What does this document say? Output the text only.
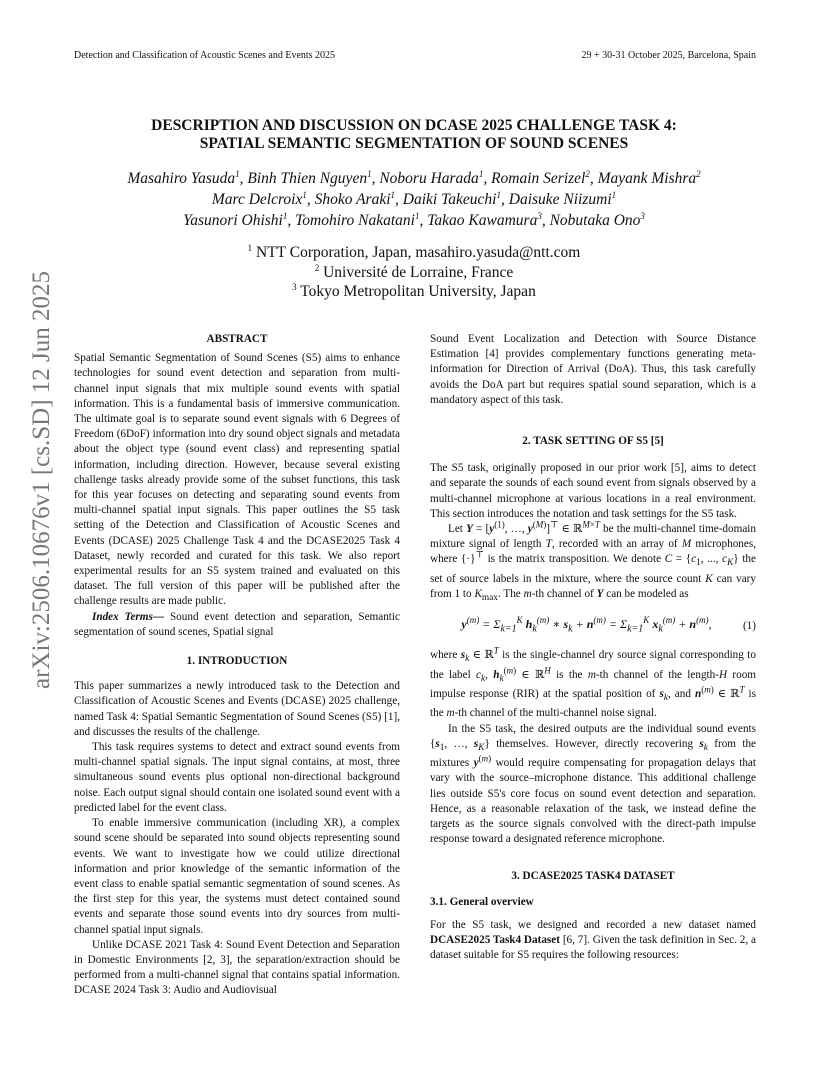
Detection and Classification of Acoustic Scenes and Events 2025	29 + 30-31 October 2025, Barcelona, Spain
DESCRIPTION AND DISCUSSION ON DCASE 2025 CHALLENGE TASK 4:
SPATIAL SEMANTIC SEGMENTATION OF SOUND SCENES
Masahiro Yasuda$^1$, Binh Thien Nguyen$^1$, Noboru Harada$^1$, Romain Serizel$^2$, Mayank Mishra$^2$
Marc Delcroix$^1$, Shoko Araki$^1$, Daiki Takeuchi$^1$, Daisuke Niizumi$^1$
Yasunori Ohishi$^1$, Tomohiro Nakatani$^1$, Takao Kawamura$^3$, Nobutaka Ono$^3$
$^1$ NTT Corporation, Japan, masahiro.yasuda@ntt.com
$^2$ Université de Lorraine, France
$^3$ Tokyo Metropolitan University, Japan
arXiv:2506.10676v1 [cs.SD] 12 Jun 2025	ABSTRACT

Spatial Semantic Segmentation of Sound Scenes (S5) aims to enhance technologies for sound event detection and separation from multi-channel input signals that mix multiple sound events with spatial information. This is a fundamental basis of immersive communication. The ultimate goal is to separate sound event signals with 6 Degrees of Freedom (6DoF) information into dry sound object signals and metadata about the object type (sound event class) and representing spatial information, including direction. However, because several existing challenge tasks already provide some of the subset functions, this task for this year focuses on detecting and separating sound events from multi-channel spatial input signals. This paper outlines the S5 task setting of the Detection and Classification of Acoustic Scenes and Events (DCASE) 2025 Challenge Task 4 and the DCASE2025 Task 4 Dataset, newly recorded and curated for this task. We also report experimental results for an S5 system trained and evaluated on this dataset. The full version of this paper will be published after the challenge results are made public.

Index Terms— Sound event detection and separation, Semantic segmentation of sound scenes, Spatial signal

1. INTRODUCTION

This paper summarizes a newly introduced task to the Detection and Classification of Acoustic Scenes and Events (DCASE) 2025 challenge, named Task 4: Spatial Semantic Segmentation of Sound Scenes (S5) [1], and discusses the results of the challenge.

This task requires systems to detect and extract sound events from multi-channel spatial signals. The input signal contains, at most, three simultaneous sound events plus optional non-directional background noise. Each output signal should contain one isolated sound event with a predicted label for the event class.

To enable immersive communication (including XR), a complex sound scene should be separated into sound objects representing sound events. We want to investigate how we could utilize directional information and prior knowledge of the semantic information of the event class to enable spatial semantic segmentation of sound scenes. As the first step for this year, the systems must detect contained sound events and separate those sound events into dry sources from multi-channel spatial input signals.

Unlike DCASE 2021 Task 4: Sound Event Detection and Separation in Domestic Environments [2, 3], the separation/extraction should be performed from a multi-channel signal that contains spatial information. DCASE 2024 Task 3: Audio and Audiovisual

Sound Event Localization and Detection with Source Distance Estimation [4] provides complementary functions generating meta-information for Direction of Arrival (DoA). Thus, this task carefully avoids the DoA part but requires spatial sound separation, which is a mandatory aspect of this task.

2. TASK SETTING OF S5 [5]

The S5 task, originally proposed in our prior work [5], aims to detect and separate the sounds of each sound event from signals observed by a multi-channel microphone at various locations in a real environment. This section introduces the notation and task settings for the S5 task.

Let $Y = [y^{(1)}$, …, $y^{(M)}]^⊤$ ∈ ℝ$^{M\times T}$ be the multi-channel time-domain mixture signal of length T, recorded with an array of M microphones, where {·}⊤ is the matrix transposition. We denote $C = \{c_1$, ..., $c_K$} the set of source labels in the mixture, where the source count K can vary from 1 to $K_{max}$. The m-th channel of Y can be modeled as

$y^{(m)} = \Sigma_{k=1}^K$ $h_k^{(m)}$ ∗ $s_k + n^{(m)} = \Sigma_{k=1}^K$ $x_k^{(m)} + n^{(m)}$,	(1)

where $s_k$ ∈ ℝ$^T$ is the single-channel dry source signal corresponding to the label $c_k$, $h_k^{(m)}$ ∈ ℝ$^H$ is the m-th channel of the length-H room impulse response (RIR) at the spatial position of $s_k$, and $n^{(m)}$ ∈ ℝ$^T$ is the m-th channel of the multi-channel noise signal.

In the S5 task, the desired outputs are the individual sound events {$s_1$, …, $s_K$} themselves. However, directly recovering $s_k$ from the mixtures $y^{(m)}$ would require compensating for propagation delays that vary with the source–microphone distance. This additional challenge lies outside S5's core focus on sound event detection and separation. Hence, as a reasonable relaxation of the task, we instead define the targets as the source signals convolved with the direct-path impulse response toward a designated reference microphone.

3. DCASE2025 TASK4 DATASET
3.1. General overview

For the S5 task, we designed and recorded a new dataset named DCASE2025 Task4 Dataset [6, 7]. Given the task definition in Sec. 2, a dataset suitable for S5 requires the following resources:
